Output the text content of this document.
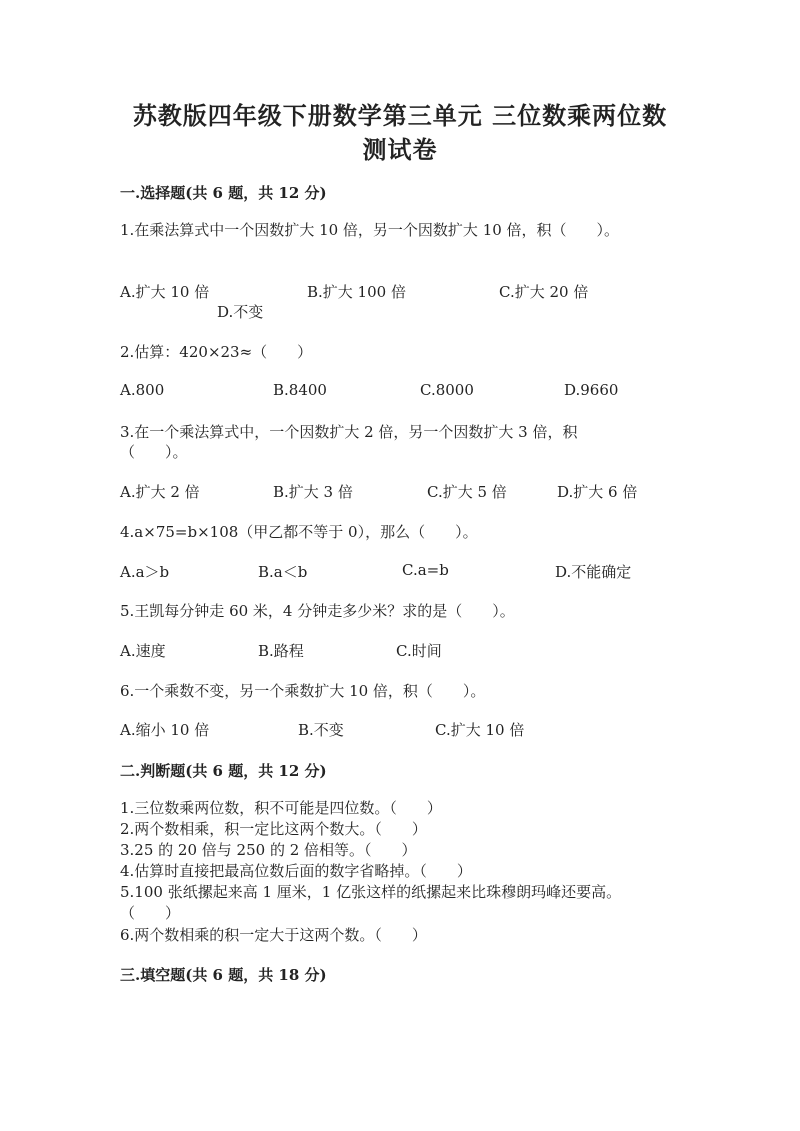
苏教版四年级下册数学第三单元 三位数乘两位数
测试卷
一.选择题(共 6 题，共 12 分)
1.在乘法算式中一个因数扩大 10 倍，另一个因数扩大 10 倍，积（　　）。
A.扩大 10 倍	B.扩大 100 倍	C.扩大 20 倍
D.不变
2.估算：420×23≈（　　）
A.800	B.8400	C.8000	D.9660
3.在一个乘法算式中，一个因数扩大 2 倍，另一个因数扩大 3 倍，积
（　　）。
A.扩大 2 倍	B.扩大 3 倍	C.扩大 5 倍	D.扩大 6 倍
4.a×75=b×108（甲乙都不等于 0），那么（　　）。
A.a＞b	B.a＜b	C.a=b	D.不能确定
5.王凯每分钟走 60 米，4 分钟走多少米？求的是（　　）。
A.速度	B.路程	C.时间
6.一个乘数不变，另一个乘数扩大 10 倍，积（　　）。
A.缩小 10 倍	B.不变	C.扩大 10 倍
二.判断题(共 6 题，共 12 分)
1.三位数乘两位数，积不可能是四位数。（　　）
2.两个数相乘，积一定比这两个数大。（　　）
3.25 的 20 倍与 250 的 2 倍相等。（　　）
4.估算时直接把最高位数后面的数字省略掉。（　　）
5.100 张纸摞起来高 1 厘米，1 亿张这样的纸摞起来比珠穆朗玛峰还要高。
（　　）
6.两个数相乘的积一定大于这两个数。（　　）
三.填空题(共 6 题，共 18 分)
